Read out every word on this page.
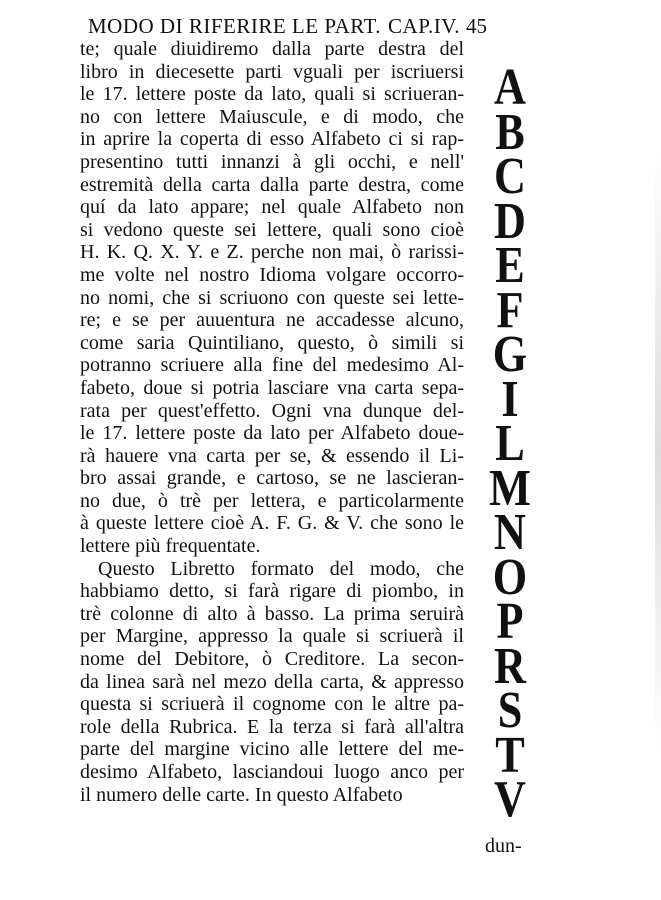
MODO DI RIFERIRE LE PART. CAP.IV. 45
te; quale diuidiremo dalla parte destra del
libro in diecesette parti vguali per iscriuersi
le 17. lettere poste da lato, quali si scriueran-
no con lettere Maiuscule, e di modo, che
in aprire la coperta di esso Alfabeto ci si rap-
presentino tutti innanzi à gli occhi, e nell'
estremità della carta dalla parte destra, come
quí da lato appare; nel quale Alfabeto non
si vedono queste sei lettere, quali sono cioè
H. K. Q. X. Y. e Z. perche non mai, ò rarissi-
me volte nel nostro Idioma volgare occorro-
no nomi, che si scriuono con queste sei lette-
re; e se per auuentura ne accadesse alcuno,
come saria Quintiliano, questo, ò simili si
potranno scriuere alla fine del medesimo Al-
fabeto, doue si potria lasciare vna carta sepa-
rata per quest'effetto. Ogni vna dunque del-
le 17. lettere poste da lato per Alfabeto doue-
rà hauere vna carta per se, & essendo il Li-
bro assai grande, e cartoso, se ne lascieran-
no due, ò trè per lettera, e particolarmente
à queste lettere cioè A. F. G. & V. che sono le
lettere più frequentate.
Questo Libretto formato del modo, che
habbiamo detto, si farà rigare di piombo, in
trè colonne di alto à basso. La prima seruirà
per Margine, appresso la quale si scriuerà il
nome del Debitore, ò Creditore. La secon-
da linea sarà nel mezo della carta, & appresso
questa si scriuerà il cognome con le altre pa-
role della Rubrica. E la terza si farà all'altra
parte del margine vicino alle lettere del me-
desimo Alfabeto, lasciandoui luogo anco per
il numero delle carte. In questo Alfabeto
A
B
C
D
E
F
G
I
L
M
N
O
P
R
S
T
V
dun-
